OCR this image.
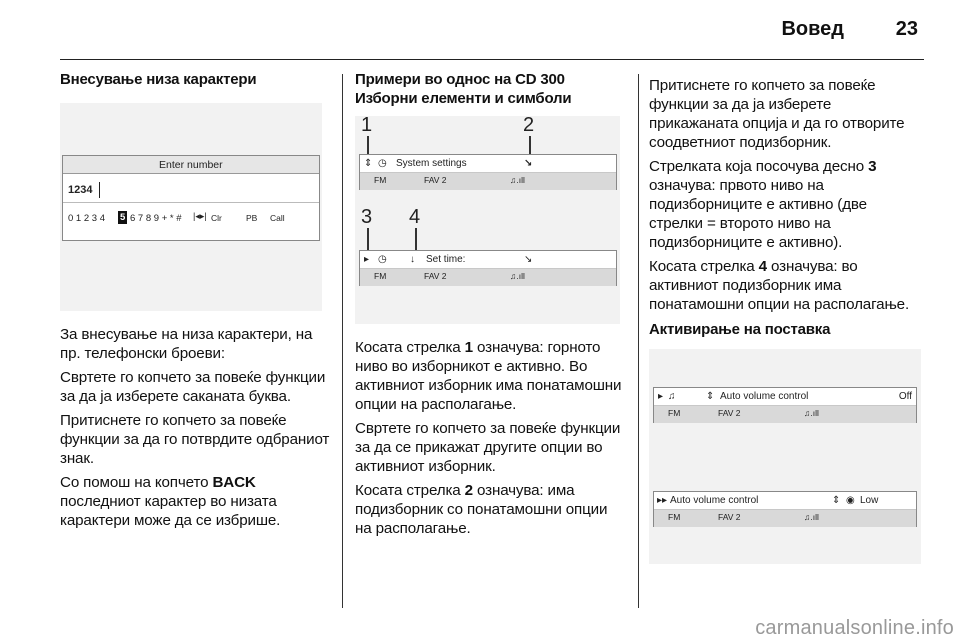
Вовед	23
Внесување низа карактери
Enter number
1234
0 1 2 3 4 5 6 7 8 9 + * # |◂▸| Clr	PB Call

За внесување на низа карактери, на пр. телефонски броеви:

Свртете го копчето за повеќе функции за да ја изберете саканата буква.

Притиснете го копчето за повеќе функции за да го потврдите одбраниот знак.

Со помош на копчето BACK последниот карактер во низата карактери може да се избрише.

Примери во однос на CD 300
Изборни елементи и симболи
1	2
⇕ ◷ System settings	↘
FM	FAV 2	♫.ıll
3 4
▸ ◷ ↓ Set time:	↘
FM	FAV 2	♫.ıll

Косата стрелка 1 означува: горното ниво во изборникот е активно. Во активниот изборник има понатамошни опции на располагање.

Свртете го копчето за повеќе функции за да се прикажат другите опции во активниот изборник.

Косата стрелка 2 означува: има подизборник со понатамошни опции на располагање.

Притиснете го копчето за повеќе функции за да ја изберете прикажаната опција и да го отворите соодветниот подизборник.

Стрелката која посочува десно 3 означува: првото ниво на подизборниците е активно (две стрелки = второто ниво на подизборниците е активно).

Косата стрелка 4 означува: во активниот подизборник има понатамошни опции на располагање.

Активирање на поставка
▸ ♫	⇕ Auto volume control	Off
FM	FAV 2	♫.ıll
▸▸ Auto volume control	⇕ ◉ Low
FM	FAV 2	♫.ıll
carmanualsonline.info
